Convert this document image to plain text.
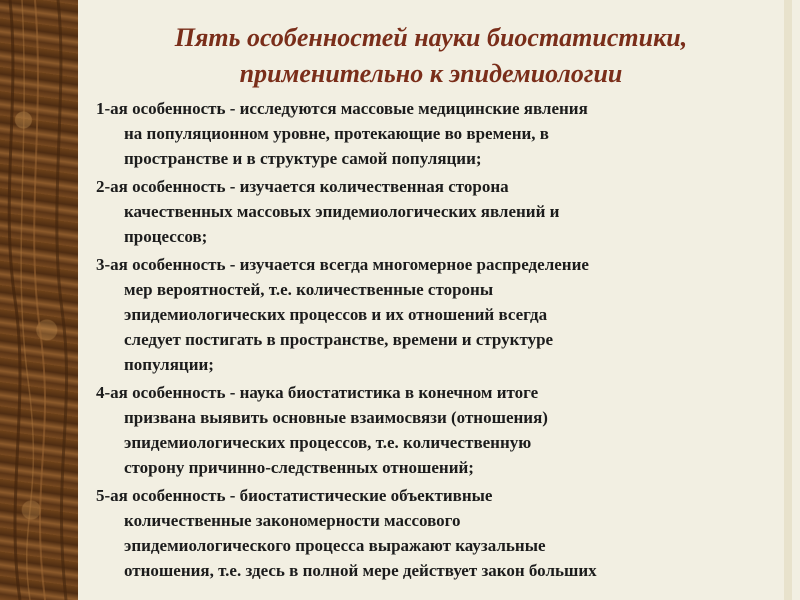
Пять особенностей науки биостатистики,
применительно к эпидемиологии
1-ая особенность - исследуются массовые медицинские явления
на популяционном уровне, протекающие во времени, в
пространстве и в структуре самой популяции;
2-ая особенность - изучается количественная сторона
качественных массовых эпидемиологических явлений и
процессов;
3-ая особенность - изучается всегда многомерное распределение
мер вероятностей, т.е. количественные стороны
эпидемиологических процессов и их отношений всегда
следует постигать в пространстве, времени и структуре
популяции;
4-ая особенность - наука биостатистика в конечном итоге
призвана выявить основные взаимосвязи (отношения)
эпидемиологических процессов, т.е. количественную
сторону причинно-следственных отношений;
5-ая особенность - биостатистические объективные
количественные закономерности массового
эпидемиологического процесса выражают каузальные
отношения, т.е. здесь в полной мере действует закон больших
